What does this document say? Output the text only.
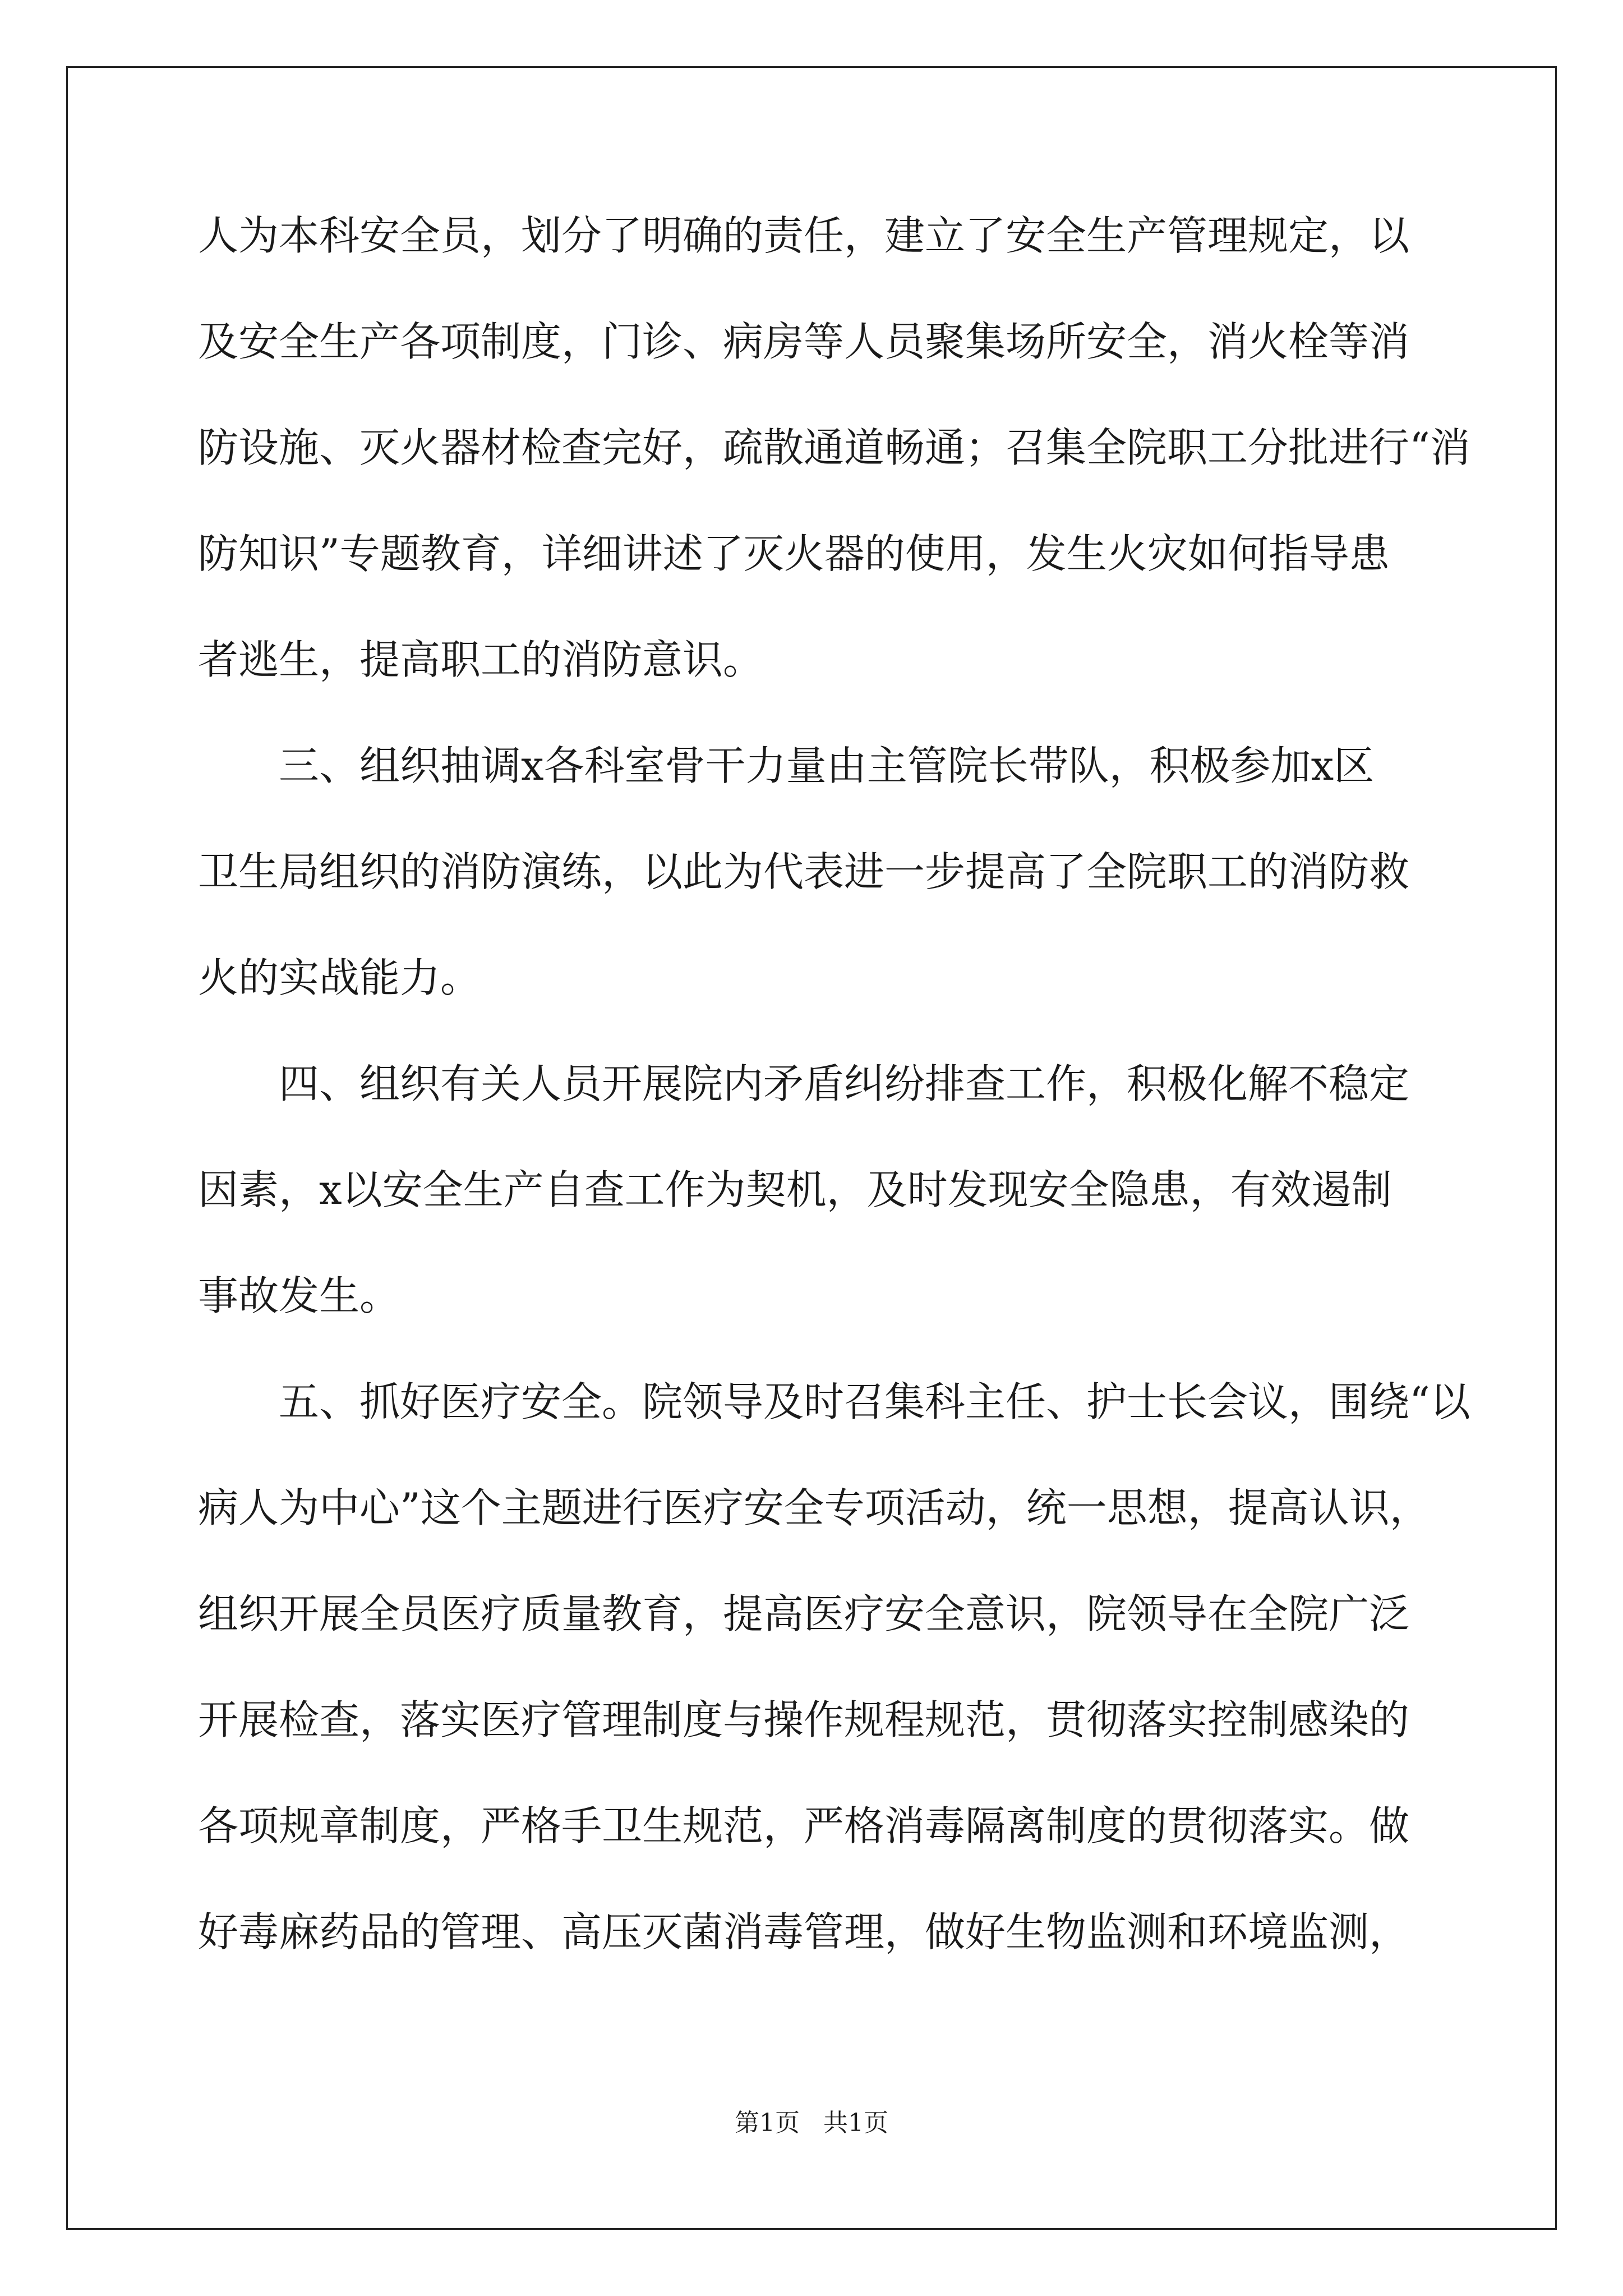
人为本科安全员，划分了明确的责任，建立了安全生产管理规定，以
及安全生产各项制度，门诊、病房等人员聚集场所安全，消火栓等消
防设施、灭火器材检查完好，疏散通道畅通；召集全院职工分批进行“消
防知识”专题教育，详细讲述了灭火器的使用，发生火灾如何指导患
者逃生，提高职工的消防意识。
　　三、组织抽调x各科室骨干力量由主管院长带队，积极参加x区
卫生局组织的消防演练，以此为代表进一步提高了全院职工的消防救
火的实战能力。
　　四、组织有关人员开展院内矛盾纠纷排查工作，积极化解不稳定
因素，x以安全生产自查工作为契机，及时发现安全隐患，有效遏制
事故发生。
　　五、抓好医疗安全。院领导及时召集科主任、护士长会议，围绕“以
病人为中心”这个主题进行医疗安全专项活动，统一思想，提高认识，
组织开展全员医疗质量教育，提高医疗安全意识，院领导在全院广泛
开展检查，落实医疗管理制度与操作规程规范，贯彻落实控制感染的
各项规章制度，严格手卫生规范，严格消毒隔离制度的贯彻落实。做
好毒麻药品的管理、高压灭菌消毒管理，做好生物监测和环境监测，
第1页   共1页
